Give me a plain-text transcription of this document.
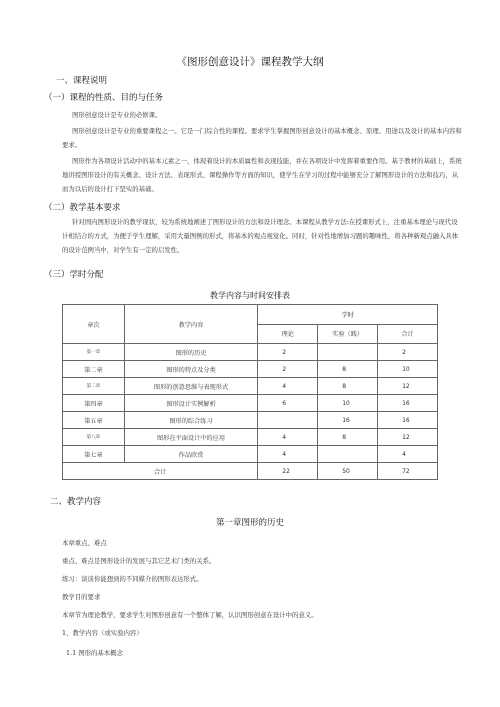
《图形创意设计》课程教学大纲
一、课程说明
（一）课程的性质、目的与任务
图形创意设计是专业的必修课。
图形创意设计是专业的重要课程之一。它是一门综合性的课程。要求学生掌握图形创意设计的基本概念、原理、用途以及设计的基本内容和要求。
图形作为各项设计活动中的基本元素之一，体现着设计的本质属性和表现技能，并在各项设计中发挥着重要作用。基于教材的基础上，系统地讲授图形设计的有关概念、设计方法、表现形式、课程操作等方面的知识，使学生在学习的过程中能够充分了解图形设计的方法和技巧，从而为以后的设计打下坚实的基础。
（二）教学基本要求
针对国内图形设计的教学现状，较为系统地阐述了图形设计的方法和设计理念。本课程从教学方法:在授课形式上，注重基本理论与现代设计相结合的方式，为便于学生理解，采用大量图例的形式，将基本的观点视觉化。同时，针对性地增加习题的趣味性，将各种新观点融入具体的设计范例当中，对学生有一定的启发性。
（三）学时分配
教学内容与时间安排表
章次	教学内容	学时		
		理论	实验（践）	合计
第一章	图形的历史	2		2
第二章	图形的特点及分类	2	8	10
第二章	图形的创意思维与表现形式	4	8	12
第四章	图形设计实例解析	6	10	16
第五章	图形的综合练习		16	16
第八章	图形在平面设计中的应用	4	8	12
第七章	作品欣赏	4		4
合计		22	50	72
二、教学内容
第一章图形的历史
本章重点、难点
重点、难点是图形设计的发展与其它艺术门类的关系。
练习：谈谈你能想到的不同媒介的图形表达形式。
教学目的要求
本章节为理论教学，要求学生对图形创意有一个整体了解，认识图形创意在设计中的意义。
1、教学内容（或实验内容）
1.1 图形的基本概念
